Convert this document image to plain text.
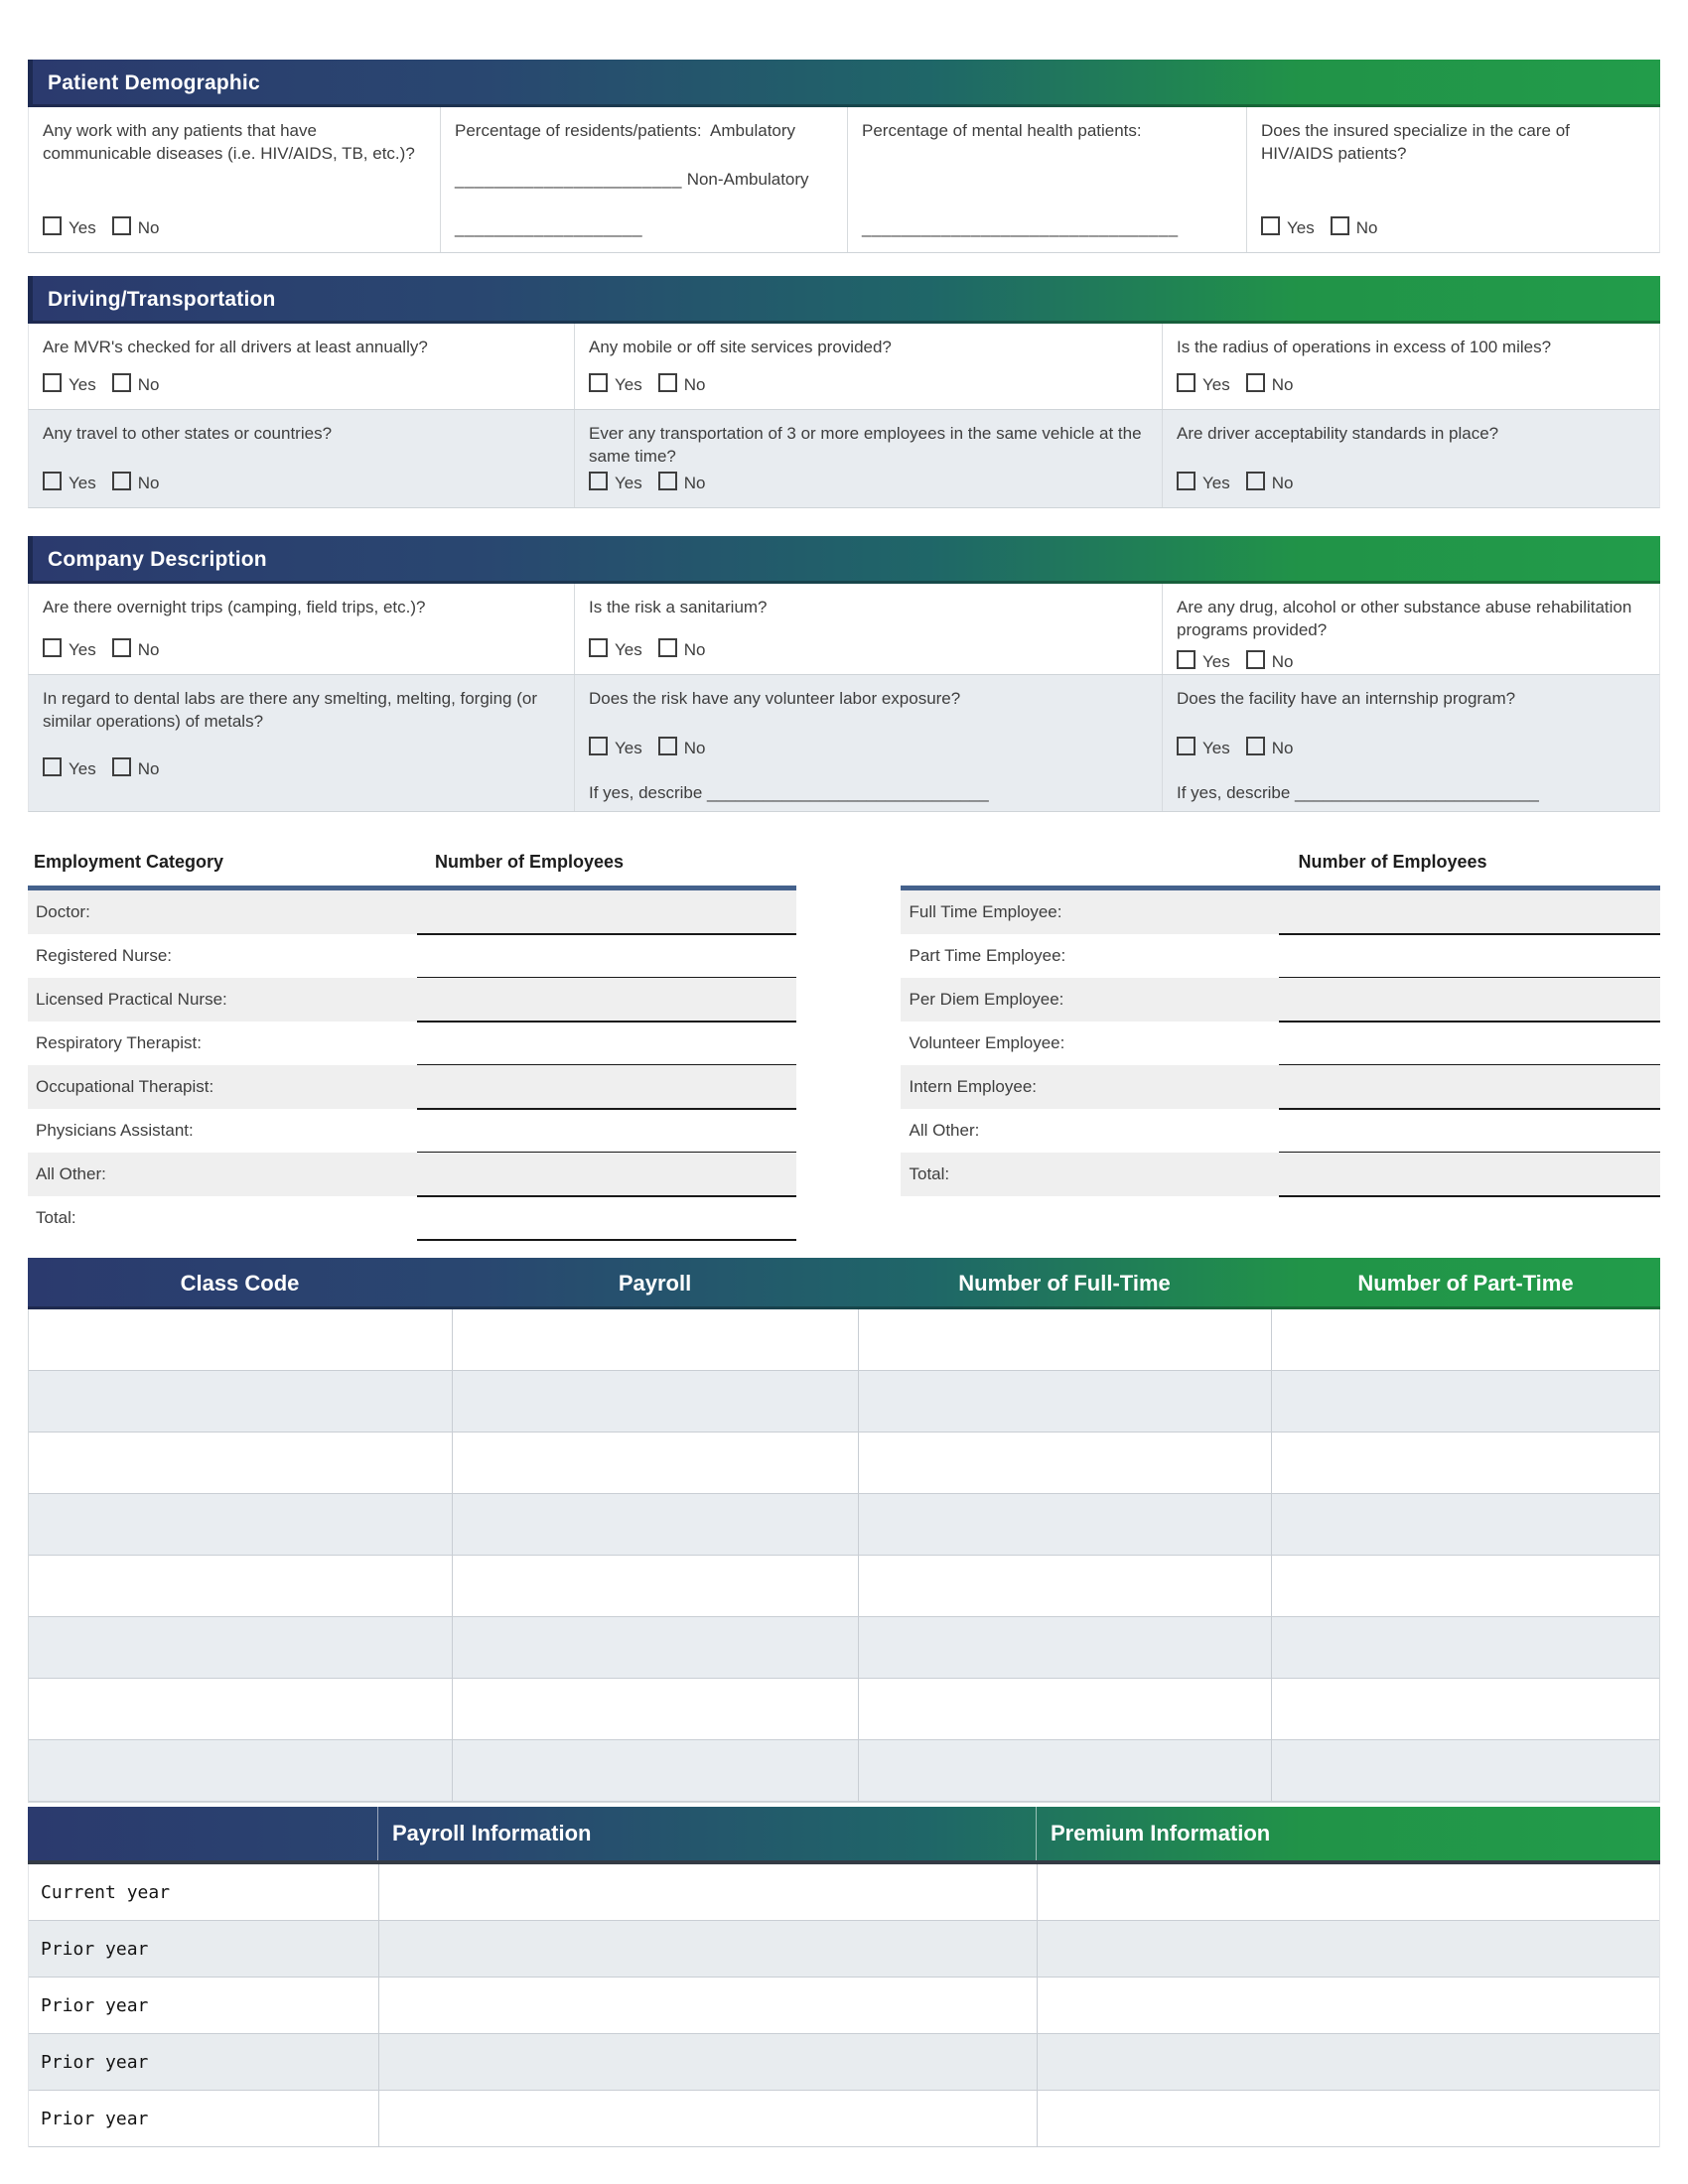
Patient Demographic
Any work with any patients that have communicable diseases (i.e. HIV/AIDS, TB, etc.)?
Yes No
Percentage of residents/patients:  Ambulatory
_______________________ Non-Ambulatory
___________________
Percentage of mental health patients:
________________________________
Does the insured specialize in the care of HIV/AIDS patients?
Yes No
Driving/Transportation
Are MVR's checked for all drivers at least annually?
Yes No
Any mobile or off site services provided?
Yes No
Is the radius of operations in excess of 100 miles?
Yes No
Any travel to other states or countries?
Yes No
Ever any transportation of 3 or more employees in the same vehicle at the same time?
Yes No
Are driver acceptability standards in place?
Yes No
Company Description
Are there overnight trips (camping, field trips, etc.)?
Yes No
Is the risk a sanitarium?
Yes No
Are any drug, alcohol or other substance abuse rehabilitation programs provided?
Yes No
In regard to dental labs are there any smelting, melting, forging (or similar operations) of metals?
Yes No
Does the risk have any volunteer labor exposure?
Yes No
If yes, describe ______________________________
Does the facility have an internship program?
Yes No
If yes, describe __________________________
Employment Category	Number of Employees
Doctor:
Registered Nurse:
Licensed Practical Nurse:
Respiratory Therapist:
Occupational Therapist:
Physicians Assistant:
All Other:
Total:
Number of Employees
Full Time Employee:
Part Time Employee:
Per Diem Employee:
Volunteer Employee:
Intern Employee:
All Other:
Total:
Class Code	Payroll	Number of Full-Time	Number of Part-Time
Payroll Information	Premium Information
Current year
Prior year
Prior year
Prior year
Prior year
